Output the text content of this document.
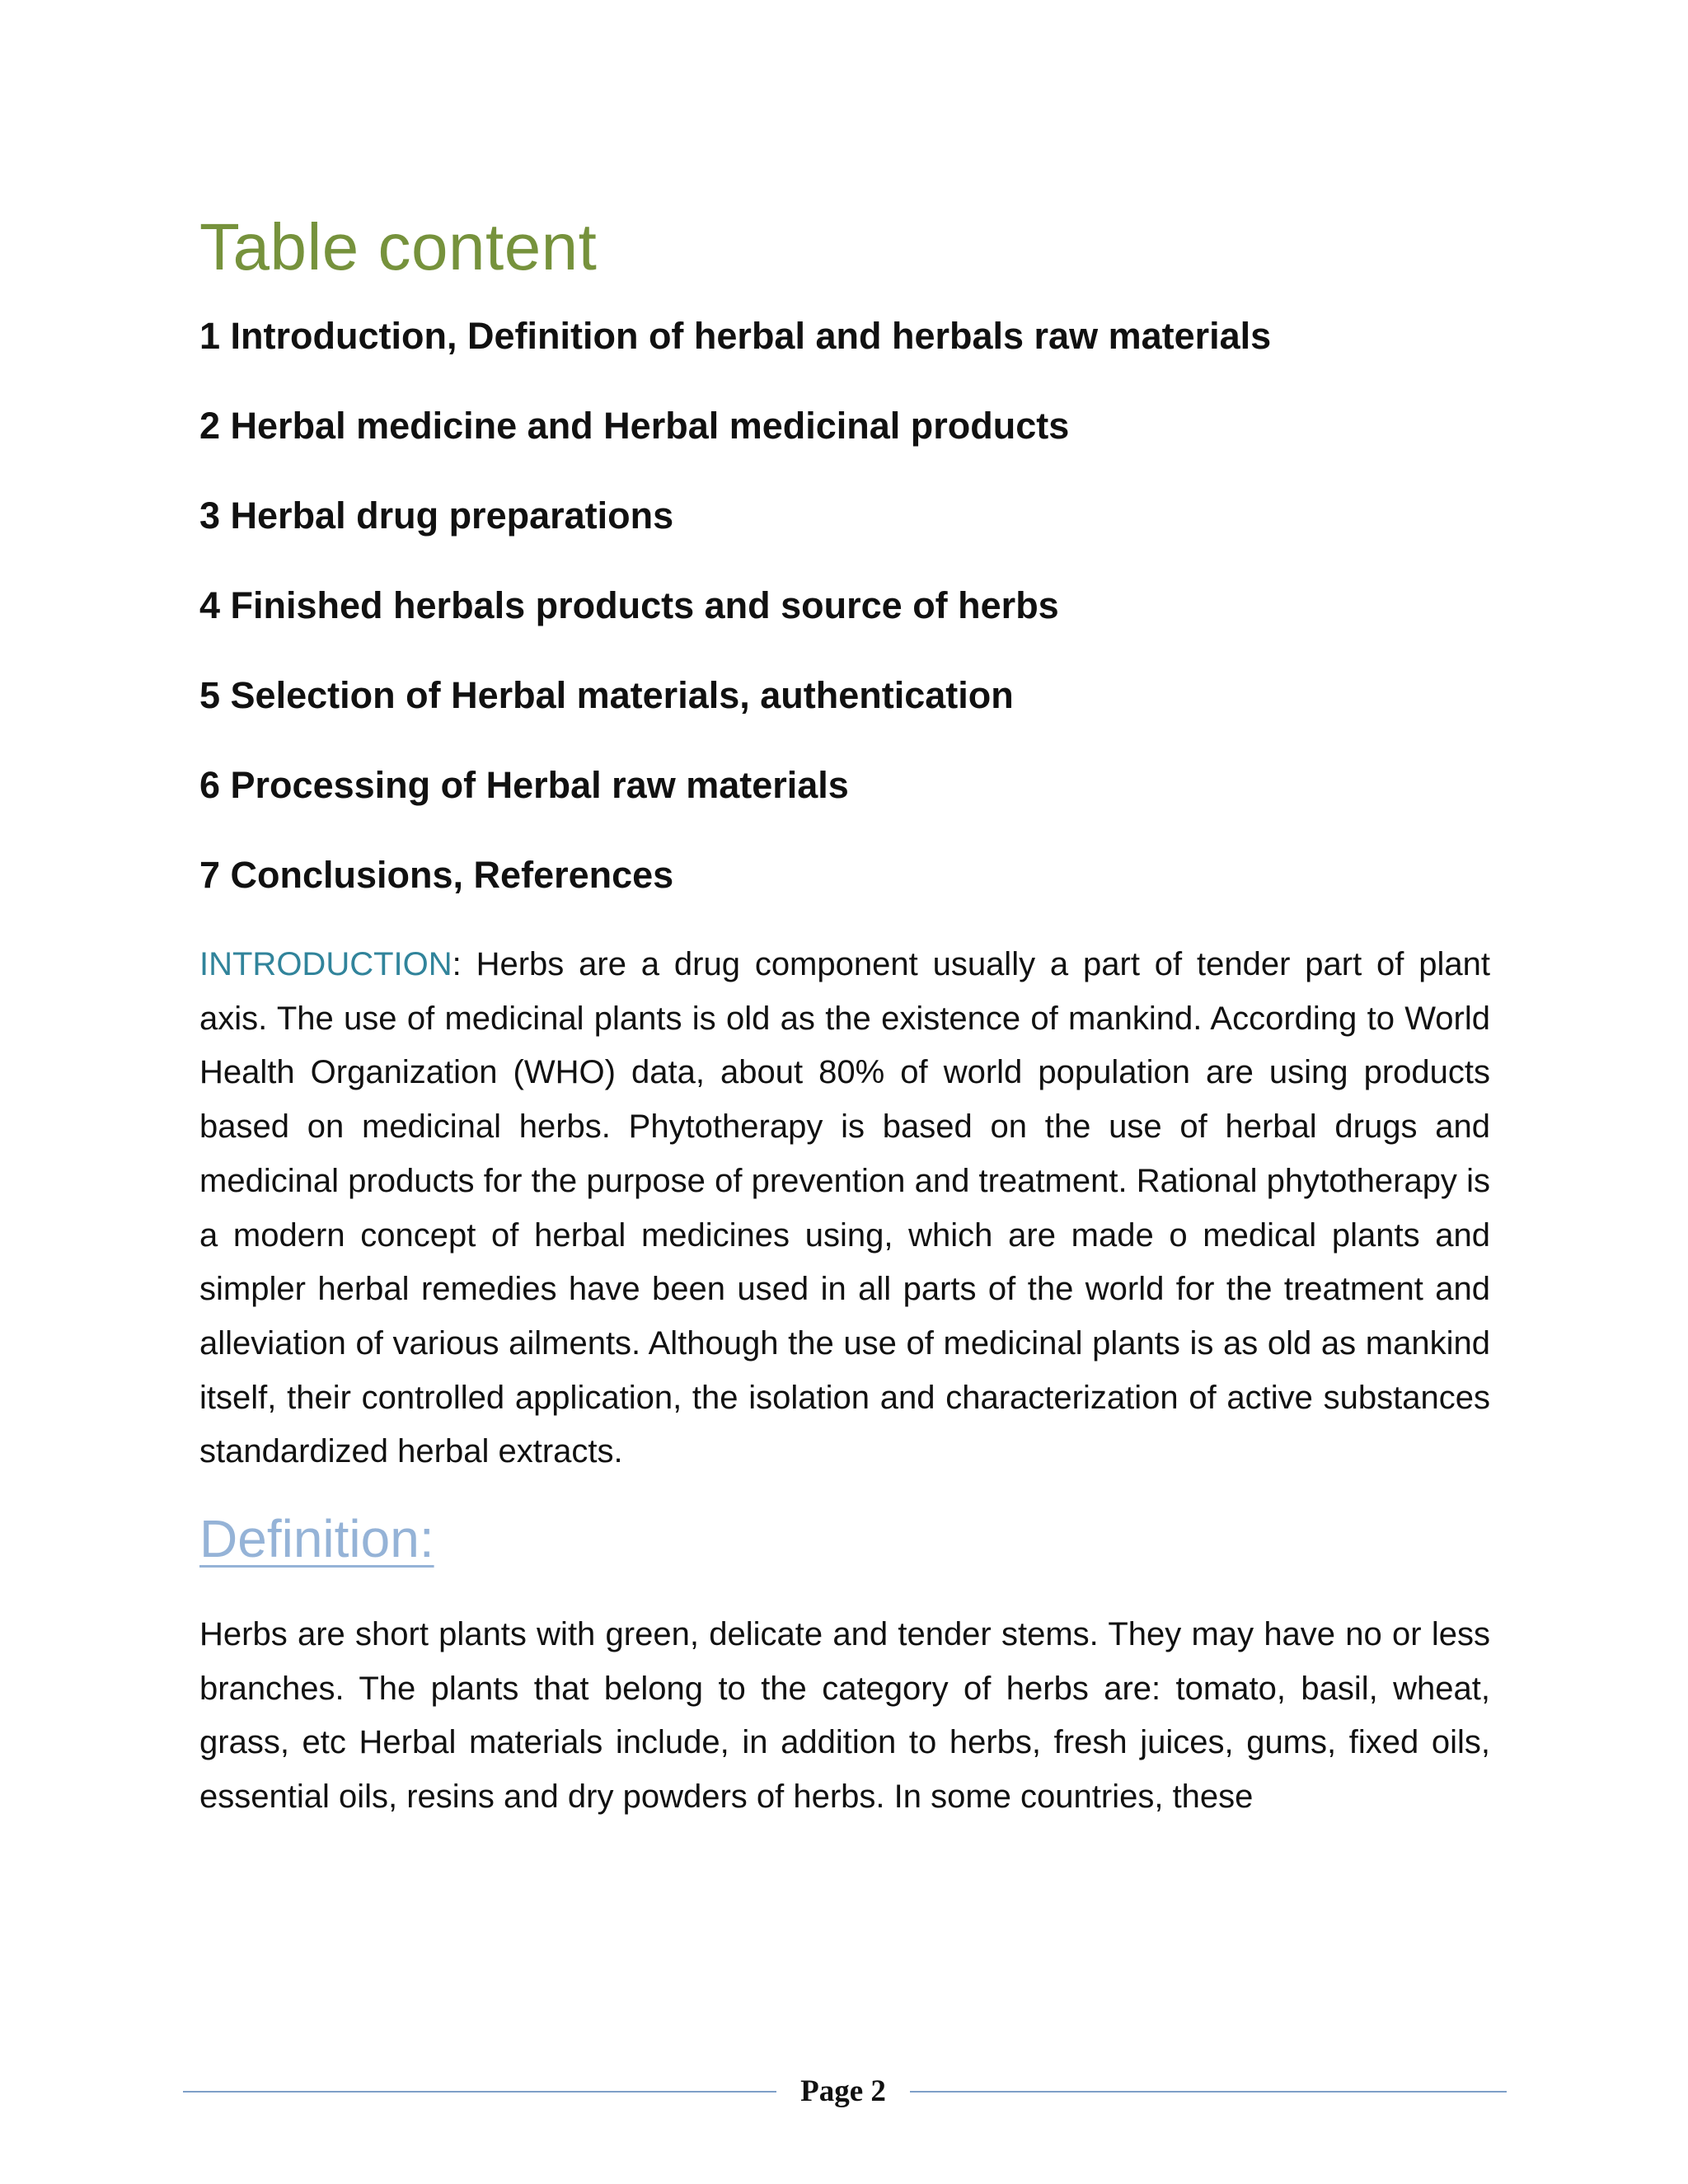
Table content
1 Introduction, Definition of herbal and herbals raw materials
2 Herbal medicine and Herbal medicinal products
3 Herbal drug preparations
4 Finished herbals products and source of herbs
5 Selection of Herbal materials, authentication
6 Processing of Herbal raw materials
7 Conclusions, References

INTRODUCTION: Herbs are a drug component usually a part of tender part of plant axis. The use of medicinal plants is old as the existence of mankind. According to World Health Organization (WHO) data, about 80% of world population are using products based on medicinal herbs. Phytotherapy is based on the use of herbal drugs and medicinal products for the purpose of prevention and treatment. Rational phytotherapy is a modern concept of herbal medicines using, which are made o medical plants and simpler herbal remedies have been used in all parts of the world for the treatment and alleviation of various ailments. Although the use of medicinal plants is as old as mankind itself, their controlled application, the isolation and characterization of active substances standardized herbal extracts.

Definition:

Herbs are short plants with green, delicate and tender stems. They may have no or less branches. The plants that belong to the category of herbs are: tomato, basil, wheat, grass, etc Herbal materials include, in addition to herbs, fresh juices, gums, fixed oils, essential oils, resins and dry powders of herbs. In some countries, these

Page 2
